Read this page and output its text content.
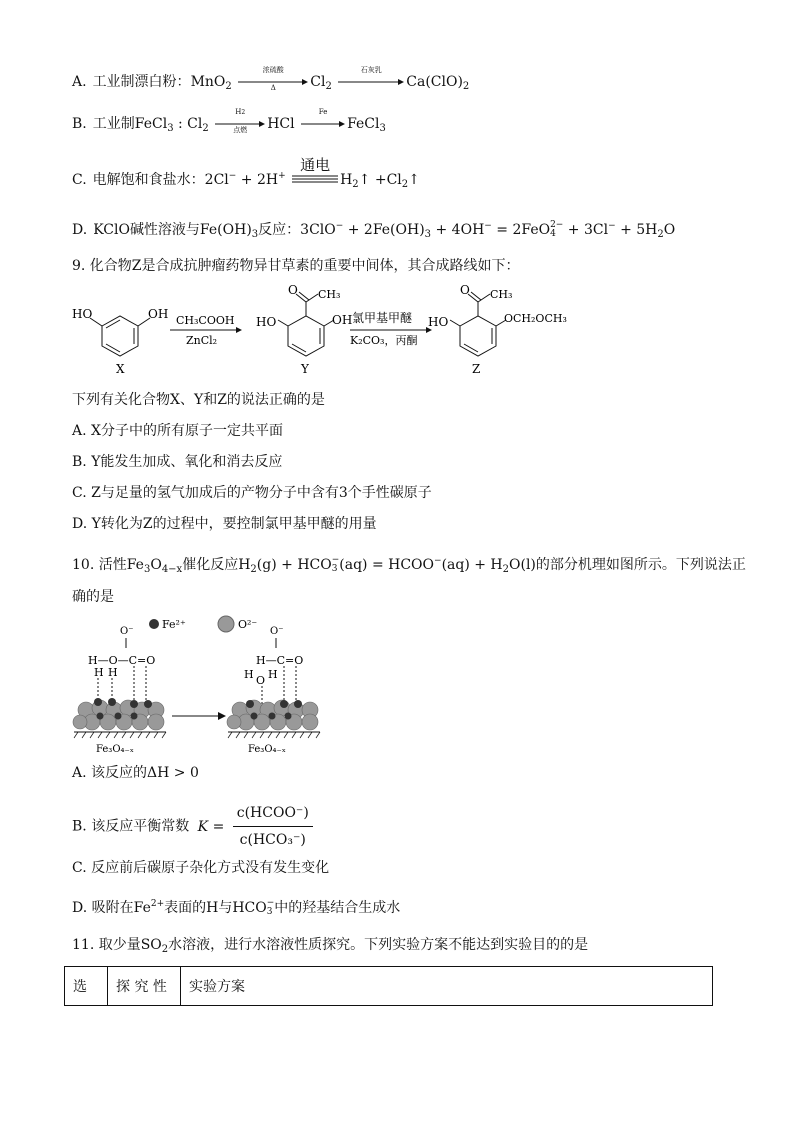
A. 工业制漂白粉：MnO$_2$
浓硫酸
Δ	$Cl_2$
石灰乳
$Ca(ClO)_2$
B. 工业制FeCl$_3$ : $Cl_2$
H2
点燃	HCl
Fe
FeCl$_3$
C. 电解饱和食盐水：2Cl− + 2H+
通电
$H_2↑$ $+Cl_2↑$
D. KClO碱性溶液与$Fe(OH)_3$反应：$3ClO^- + 2Fe(OH)_3 + 4OH^- = 2FeO$ 2−
$4 + 3Cl^- + 5H_2O$
9. 化合物Z是合成抗肿瘤药物异甘草素的重要中间体，其合成路线如下：
HO	OH
X
CH₃COOH
ZnCl₂
O CH₃
HO	OH
Y
氯甲基甲醚
K₂CO₃，丙酮
O CH₃
HO	OCH₂OCH₃
Z
下列有关化合物X、Y和Z的说法正确的是
A. X分子中的所有原子一定共平面
B. Y能发生加成、氧化和消去反应
C. Z与足量的氢气加成后的产物分子中含有3个手性碳原子
D. Y转化为Z的过程中，要控制氯甲基甲醚的用量
10. 活性$Fe_3O_{4-x}$催化反应$H_2(g)$ + HCO −
3 (aq) = HCOO−(aq) + $H_2O(l)$的部分机理如图所示。下列说法正
确的是
Fe²⁺	O²⁻
O⁻
H—O—C=O
H H
Fe₃O₄₋ₓ
O⁻
H—C=O
H O H
Fe₃O₄₋ₓ
A. 该反应的ΔH > 0
B. 该反应平衡常数 $K = \frac{\text{c(HCOO⁻)}}{\text{c(HCO₃⁻)}}$
C. 反应前后碳原子杂化方式没有发生变化
D. 吸附在$Fe^{2+}$表面的H与HCO −
3 中的羟基结合生成水
11. 取少量$SO_2$水溶液，进行水溶液性质探究。下列实验方案不能达到实验目的的是
选	探 究 性	实验方案
